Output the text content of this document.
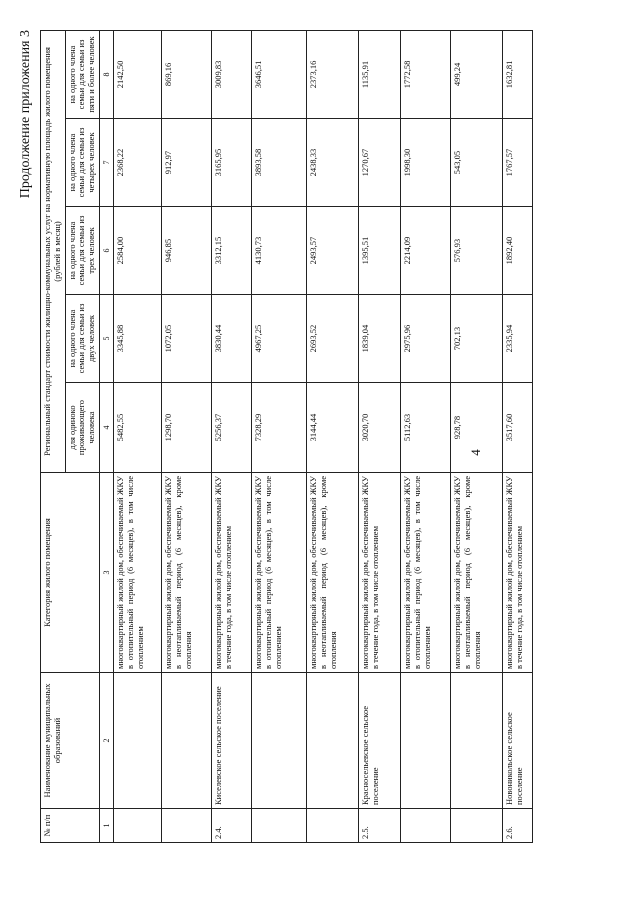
Продолжение приложения 3
№ п/п	Наименование муниципальных образований	Категория жилого помещения	Региональный стандарт стоимости жилищно-коммунальных услуг на нормативную площадь жилого помещения (рублей в месяц)				
			для одиноко проживающего человека	на одного члена семьи для семьи из двух человек	на одного члена семьи для семьи из трех человек	на одного члена семьи для семьи из четырех человек	на одного члена семьи для семьи из пяти и более человек
1	2	3	4	5	6	7	8
		многоквартирный жилой дом, обеспечиваемый ЖКУ в отопительный период (6 месяцев), в том числе отоплением	5482,55	3345,88	2584,00	2368,22	2142,50
		многоквартирный жилой дом, обеспечиваемый ЖКУ в неотапливаемый период (6 месяцев), кроме отопления	1298,70	1072,05	946,85	912,97	869,16
2.4.	Киселевское сельское поселение	многоквартирный жилой дом, обеспечиваемый ЖКУ в течение года, в том числе отоплением	5256,37	3830,44	3312,15	3165,95	3009,83
		многоквартирный жилой дом, обеспечиваемый ЖКУ в отопительный период (6 месяцев), в том числе отоплением	7328,29	4967,25	4130,73	3893,58	3646,51
		многоквартирный жилой дом, обеспечиваемый ЖКУ в неотапливаемый период (6 месяцев), кроме отопления	3144,44	2693,52	2493,57	2438,33	2373,16
2.5.	Красносельевское сельское поселение	многоквартирный жилой дом, обеспечиваемый ЖКУ в течение года, в том числе отоплением	3020,70	1839,04	1395,51	1270,67	1135,91
		многоквартирный жилой дом, обеспечиваемый ЖКУ в отопительный период (6 месяцев), в том числе отоплением	5112,63	2975,96	2214,09	1998,30	1772,58
		многоквартирный жилой дом, обеспечиваемый ЖКУ в неотапливаемый период (6 месяцев), кроме отопления	928,78	702,13	576,93	543,05	499,24
2.6.	Новоникольское сельское поселение	многоквартирный жилой дом, обеспечиваемый ЖКУ в течение года, в том числе отоплением	3517,60	2335,94	1892,40	1767,57	1632,81
4
